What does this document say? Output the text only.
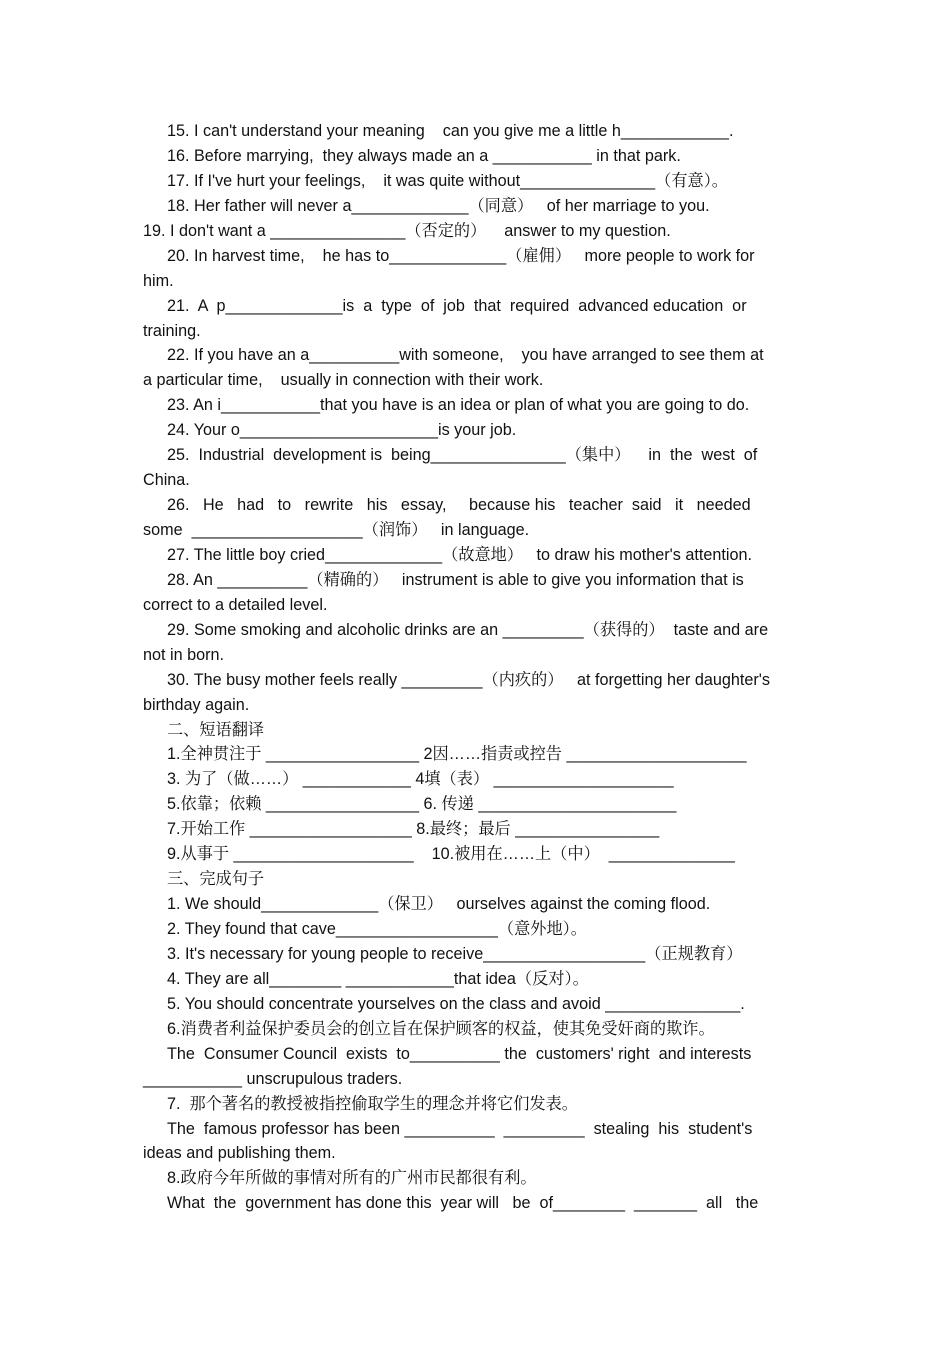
15. I can't understand your meaning    can you give me a little h____________.
16. Before marrying,  they always made an a ___________ in that park.
17. If I've hurt your feelings,    it was quite without_______________（有意）。
18. Her father will never a_____________（同意）   of her marriage to you.
19. I don't want a _______________（否定的）    answer to my question.
20. In harvest time,    he has to_____________（雇佣）   more people to work for
him.
21.  A  p_____________is  a  type  of  job  that  required  advanced education  or
training.
22. If you have an a__________with someone,    you have arranged to see them at
a particular time,    usually in connection with their work.
23. An i___________that you have is an idea or plan of what you are going to do.
24. Your o______________________is your job.
25.  Industrial  development is  being_______________（集中）    in  the  west  of
China.
26.   He   had   to   rewrite   his   essay,     because his   teacher  said   it   needed
some  ___________________（润饰）   in language.
27. The little boy cried_____________（故意地）   to draw his mother's attention.
28. An __________（精确的）   instrument is able to give you information that is
correct to a detailed level.
29. Some smoking and alcoholic drinks are an _________（获得的）  taste and are
not in born.
30. The busy mother feels really _________（内疚的）   at forgetting her daughter's
birthday again.
二、短语翻译
1.全神贯注于 _________________ 2因……指责或控告 ____________________
3. 为了（做……） ____________ 4填（表） ____________________
5.依靠；依赖 _________________ 6. 传递 ______________________
7.开始工作 __________________ 8.最终；最后 ________________
9.从事于 ____________________    10.被用在……上（中）  ______________
三、完成句子
1. We should_____________（保卫）   ourselves against the coming flood.
2. They found that cave__________________（意外地）。
3. It's necessary for young people to receive__________________（正规教育）
4. They are all________ ____________that idea（反对）。
5. You should concentrate yourselves on the class and avoid _______________.
6.消费者利益保护委员会的创立旨在保护顾客的权益，使其免受奸商的欺诈。
The  Consumer Council  exists  to__________ the  customers' right  and interests
___________ unscrupulous traders.
7.  那个著名的教授被指控偷取学生的理念并将它们发表。
The  famous professor has been __________  _________  stealing  his  student's
ideas and publishing them.
8.政府今年所做的事情对所有的广州市民都很有利。
What  the  government has done this  year will   be  of________  _______  all   the
